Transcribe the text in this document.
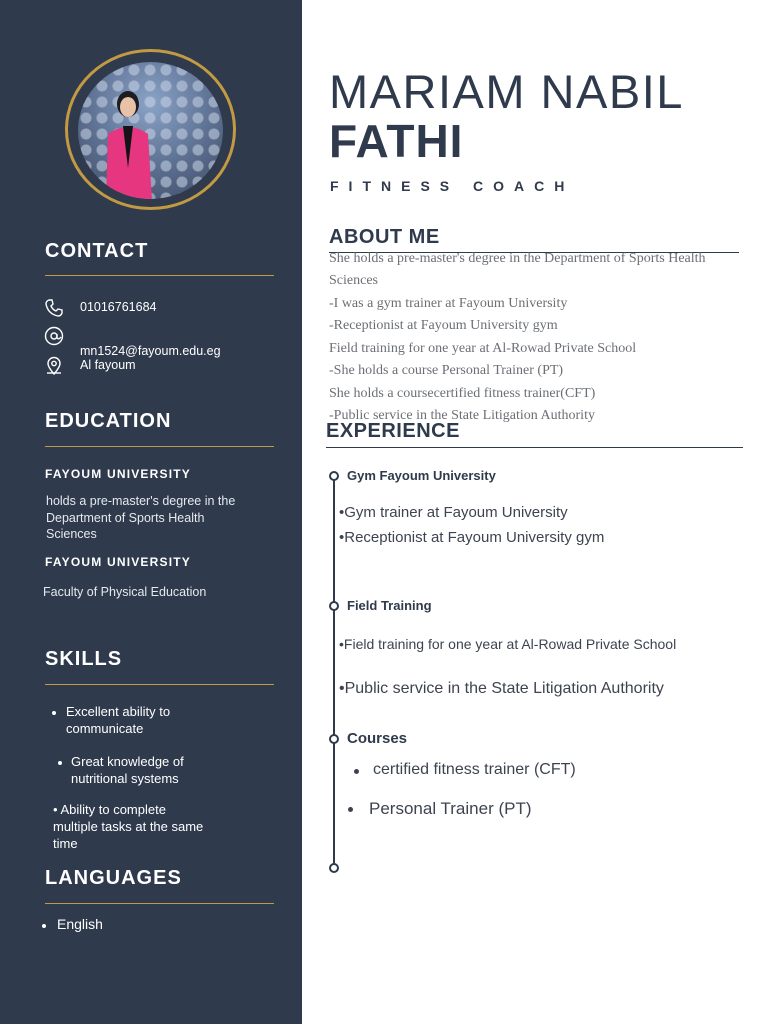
CONTACT
01016761684
mn1524@fayoum.edu.eg
Al fayoum
EDUCATION
FAYOUM UNIVERSITY
holds a pre-master's degree in the
Department of Sports Health
Sciences
FAYOUM UNIVERSITY
Faculty of Physical Education
SKILLS
Excellent ability to
communicate
Great knowledge of
nutritional systems
• Ability to complete
multiple tasks at the same
time
LANGUAGES
English
MARIAM NABIL
FATHI
FITNESS COACH
ABOUT ME
She holds a pre-master's degree in the Department of Sports Health
Sciences
-I was a gym trainer at Fayoum University
-Receptionist at Fayoum University gym
Field training for one year at Al-Rowad Private School
-She holds a course Personal Trainer (PT)
She holds a coursecertified fitness trainer(CFT)
-Public service in the State Litigation Authority
EXPERIENCE
Gym Fayoum University
•Gym trainer at Fayoum University
•Receptionist at Fayoum University gym
Field Training
•Field training for one year at Al-Rowad Private School
•Public service in the State Litigation Authority
Courses
certified fitness trainer (CFT)
Personal Trainer (PT)
